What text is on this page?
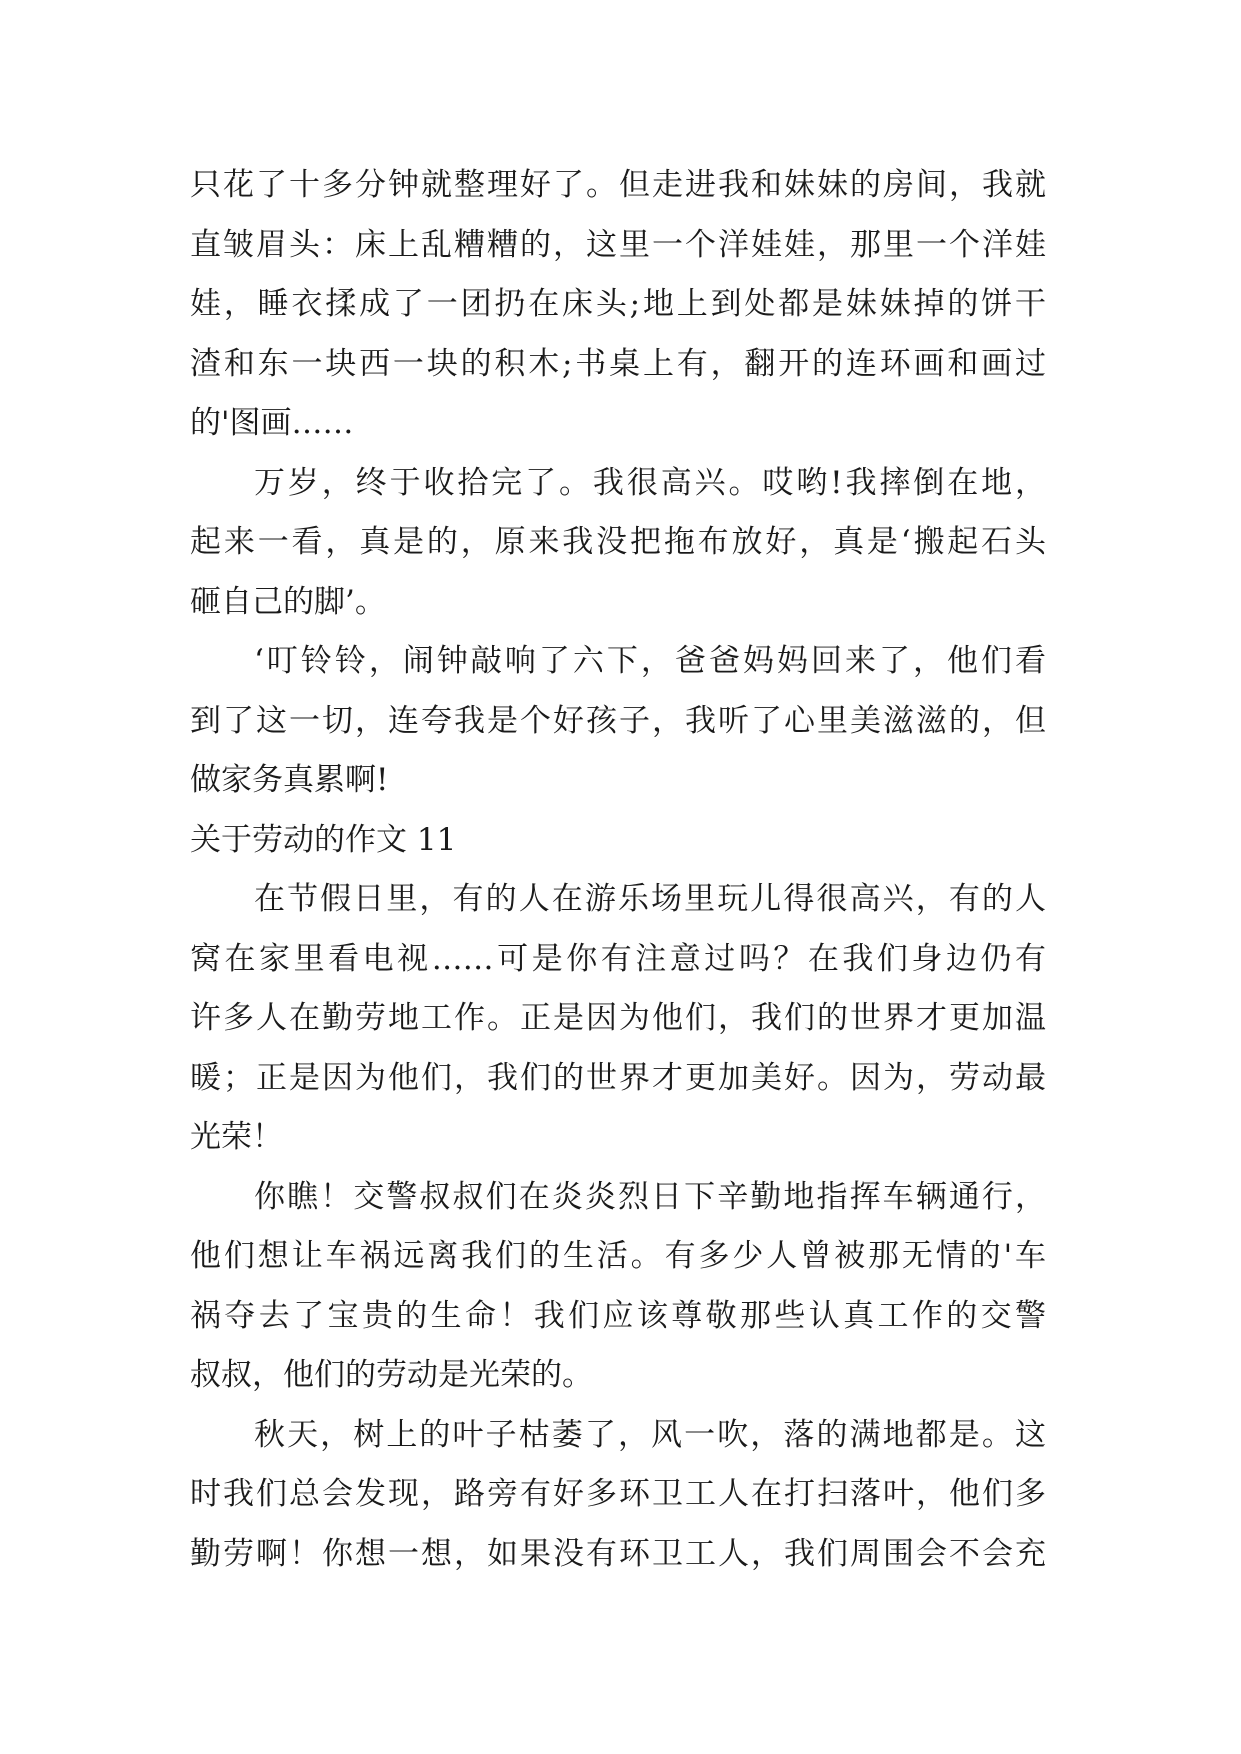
只花了十多分钟就整理好了。但走进我和妹妹的房间，我就
直皱眉头：床上乱糟糟的，这里一个洋娃娃，那里一个洋娃
娃，睡衣揉成了一团扔在床头;地上到处都是妹妹掉的饼干
渣和东一块西一块的积木;书桌上有，翻开的连环画和画过
的'图画……
万岁，终于收拾完了。我很高兴。哎哟!我摔倒在地，
起来一看，真是的，原来我没把拖布放好，真是‘搬起石头
砸自己的脚’。
‘叮铃铃，闹钟敲响了六下，爸爸妈妈回来了，他们看
到了这一切，连夸我是个好孩子，我听了心里美滋滋的，但
做家务真累啊!
关于劳动的作文 11
在节假日里，有的人在游乐场里玩儿得很高兴，有的人
窝在家里看电视……可是你有注意过吗？在我们身边仍有
许多人在勤劳地工作。正是因为他们，我们的世界才更加温
暖；正是因为他们，我们的世界才更加美好。因为，劳动最
光荣！
你瞧！交警叔叔们在炎炎烈日下辛勤地指挥车辆通行，
他们想让车祸远离我们的生活。有多少人曾被那无情的'车
祸夺去了宝贵的生命！我们应该尊敬那些认真工作的交警
叔叔，他们的劳动是光荣的。
秋天，树上的叶子枯萎了，风一吹，落的满地都是。这
时我们总会发现，路旁有好多环卫工人在打扫落叶，他们多
勤劳啊！你想一想，如果没有环卫工人，我们周围会不会充
